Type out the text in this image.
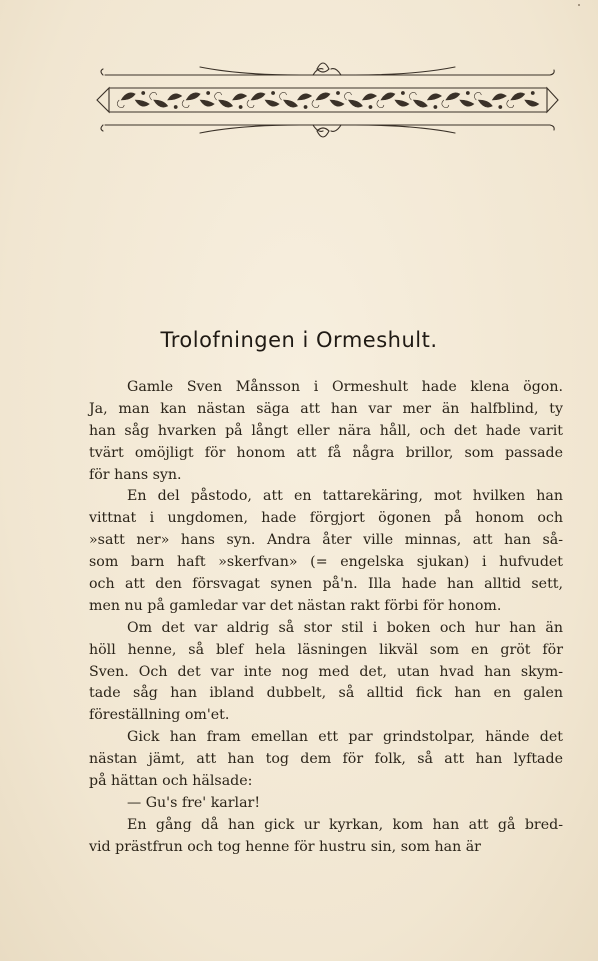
Trolofningen i Ormeshult.
Gamle Sven Månsson i Ormeshult hade klena ögon.
Ja, man kan nästan säga att han var mer än halfblind, ty
han såg hvarken på långt eller nära håll, och det hade varit
tvärt omöjligt för honom att få några brillor, som passade
för hans syn.
En del påstodo, att en tattarekäring, mot hvilken han
vittnat i ungdomen, hade förgjort ögonen på honom och
»satt ner» hans syn. Andra åter ville minnas, att han så-
som barn haft »skerfvan» (= engelska sjukan) i hufvudet
och att den försvagat synen på'n. Illa hade han alltid sett,
men nu på gamledar var det nästan rakt förbi för honom.
Om det var aldrig så stor stil i boken och hur han än
höll henne, så blef hela läsningen likväl som en gröt för
Sven. Och det var inte nog med det, utan hvad han skym-
tade såg han ibland dubbelt, så alltid fick han en galen
föreställning om'et.
Gick han fram emellan ett par grindstolpar, hände det
nästan jämt, att han tog dem för folk, så att han lyftade
på hättan och hälsade:
— Gu's fre' karlar!
En gång då han gick ur kyrkan, kom han att gå bred-
vid prästfrun och tog henne för hustru sin, som han är
